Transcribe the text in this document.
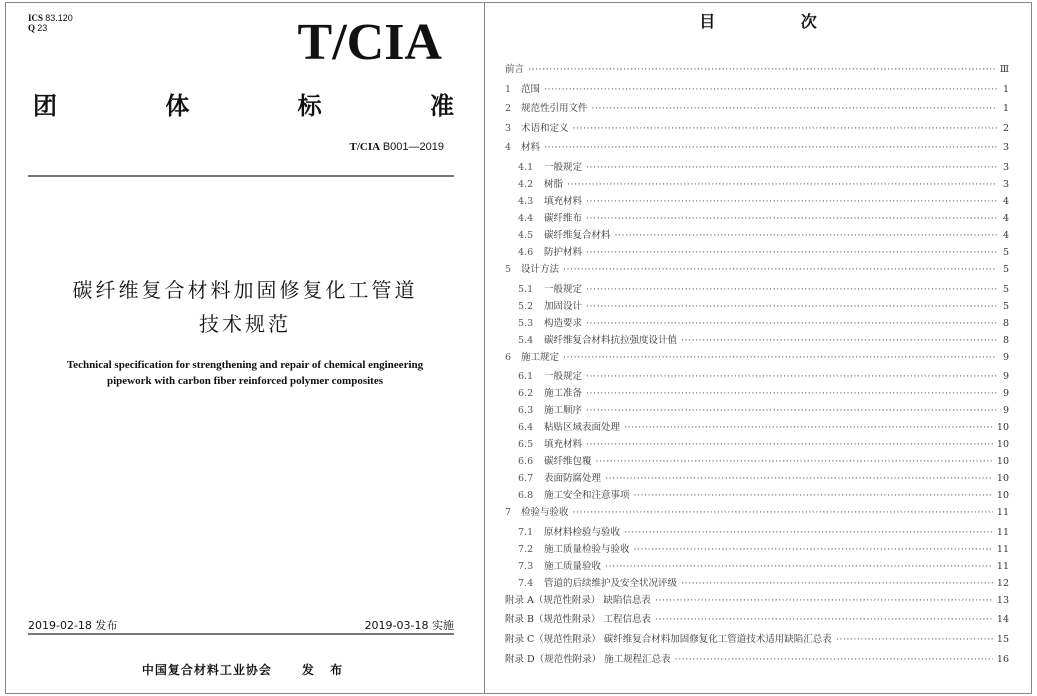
ICS 83.120
Q 23	T/CIA
团	体	标	准
T/CIA B001—2019
碳纤维复合材料加固修复化工管道
技术规范
Technical specification for strengthening and repair of chemical engineering
pipework with carbon fiber reinforced polymer composites
2019-02-18 发布	2019-03-18 实施
中国复合材料工业协会	发 布
目 次
前言 ·····	Ⅲ
1	范围 ·····	1
2	规范性引用文件 ·····	1
3	术语和定义 ·····	2
4	材料 ·····	3
4.1	一般规定 ·····	3
4.2	树脂 ·····	3
4.3	填充材料 ·····	4
4.4	碳纤维布 ·····	4
4.5	碳纤维复合材料 ·····	4
4.6	防护材料 ·····	5
5	设计方法 ·····	5
5.1	一般规定 ·····	5
5.2	加固设计 ·····	5
5.3	构造要求 ·····	8
5.4	碳纤维复合材料抗拉强度设计值 ·····	8
6	施工规定 ·····	9
6.1	一般规定 ·····	9
6.2	施工准备 ·····	9
6.3	施工顺序 ·····	9
6.4	粘贴区域表面处理 ·····	10
6.5	填充材料 ·····	10
6.6	碳纤维包覆 ·····	10
6.7	表面防腐处理 ·····	10
6.8	施工安全和注意事项 ·····	10
7	检验与验收 ·····	11
7.1	原材料检验与验收 ·····	11
7.2	施工质量检验与验收 ·····	11
7.3	施工质量验收 ·····	11
7.4	管道的后续维护及安全状况评级 ·····	12
附录 A（规范性附录） 缺陷信息表 ·····	13
附录 B（规范性附录） 工程信息表 ·····	14
附录 C（规范性附录） 碳纤维复合材料加固修复化工管道技术适用缺陷汇总表 ·····	15
附录 D（规范性附录） 施工规程汇总表 ·····	16
